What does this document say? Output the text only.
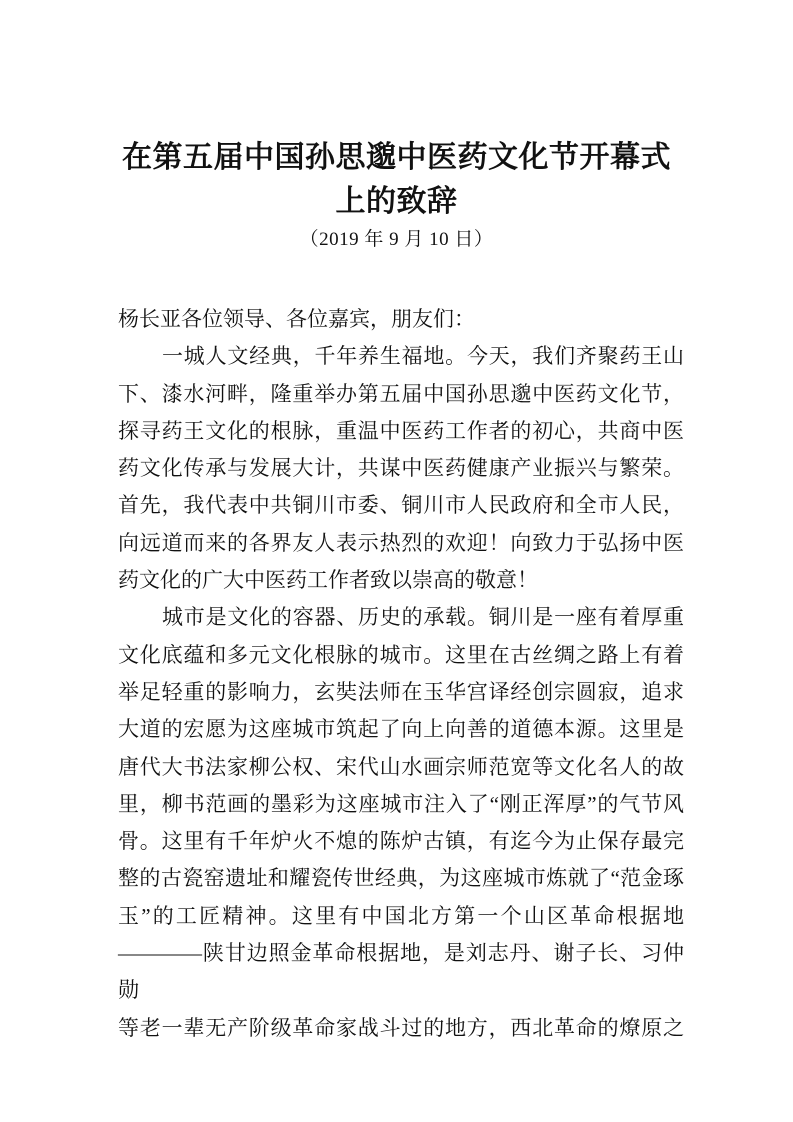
在第五届中国孙思邈中医药文化节开幕式
上的致辞
（2019 年 9 月 10 日）
杨长亚各位领导、各位嘉宾，朋友们：
一城人文经典，千年养生福地。今天，我们齐聚药王山
下、漆水河畔，隆重举办第五届中国孙思邈中医药文化节，
探寻药王文化的根脉，重温中医药工作者的初心，共商中医
药文化传承与发展大计，共谋中医药健康产业振兴与繁荣。
首先，我代表中共铜川市委、铜川市人民政府和全市人民，
向远道而来的各界友人表示热烈的欢迎！向致力于弘扬中医
药文化的广大中医药工作者致以崇高的敬意！
城市是文化的容器、历史的承载。铜川是一座有着厚重
文化底蕴和多元文化根脉的城市。这里在古丝绸之路上有着
举足轻重的影响力，玄奘法师在玉华宫译经创宗圆寂，追求
大道的宏愿为这座城市筑起了向上向善的道德本源。这里是
唐代大书法家柳公权、宋代山水画宗师范宽等文化名人的故
里，柳书范画的墨彩为这座城市注入了“刚正浑厚”的气节风
骨。这里有千年炉火不熄的陈炉古镇，有迄今为止保存最完
整的古瓷窑遗址和耀瓷传世经典，为这座城市炼就了“范金琢
玉”的工匠精神。这里有中国北方第一个山区革命根据地
————陕甘边照金革命根据地，是刘志丹、谢子长、习仲勋
等老一辈无产阶级革命家战斗过的地方，西北革命的燎原之
